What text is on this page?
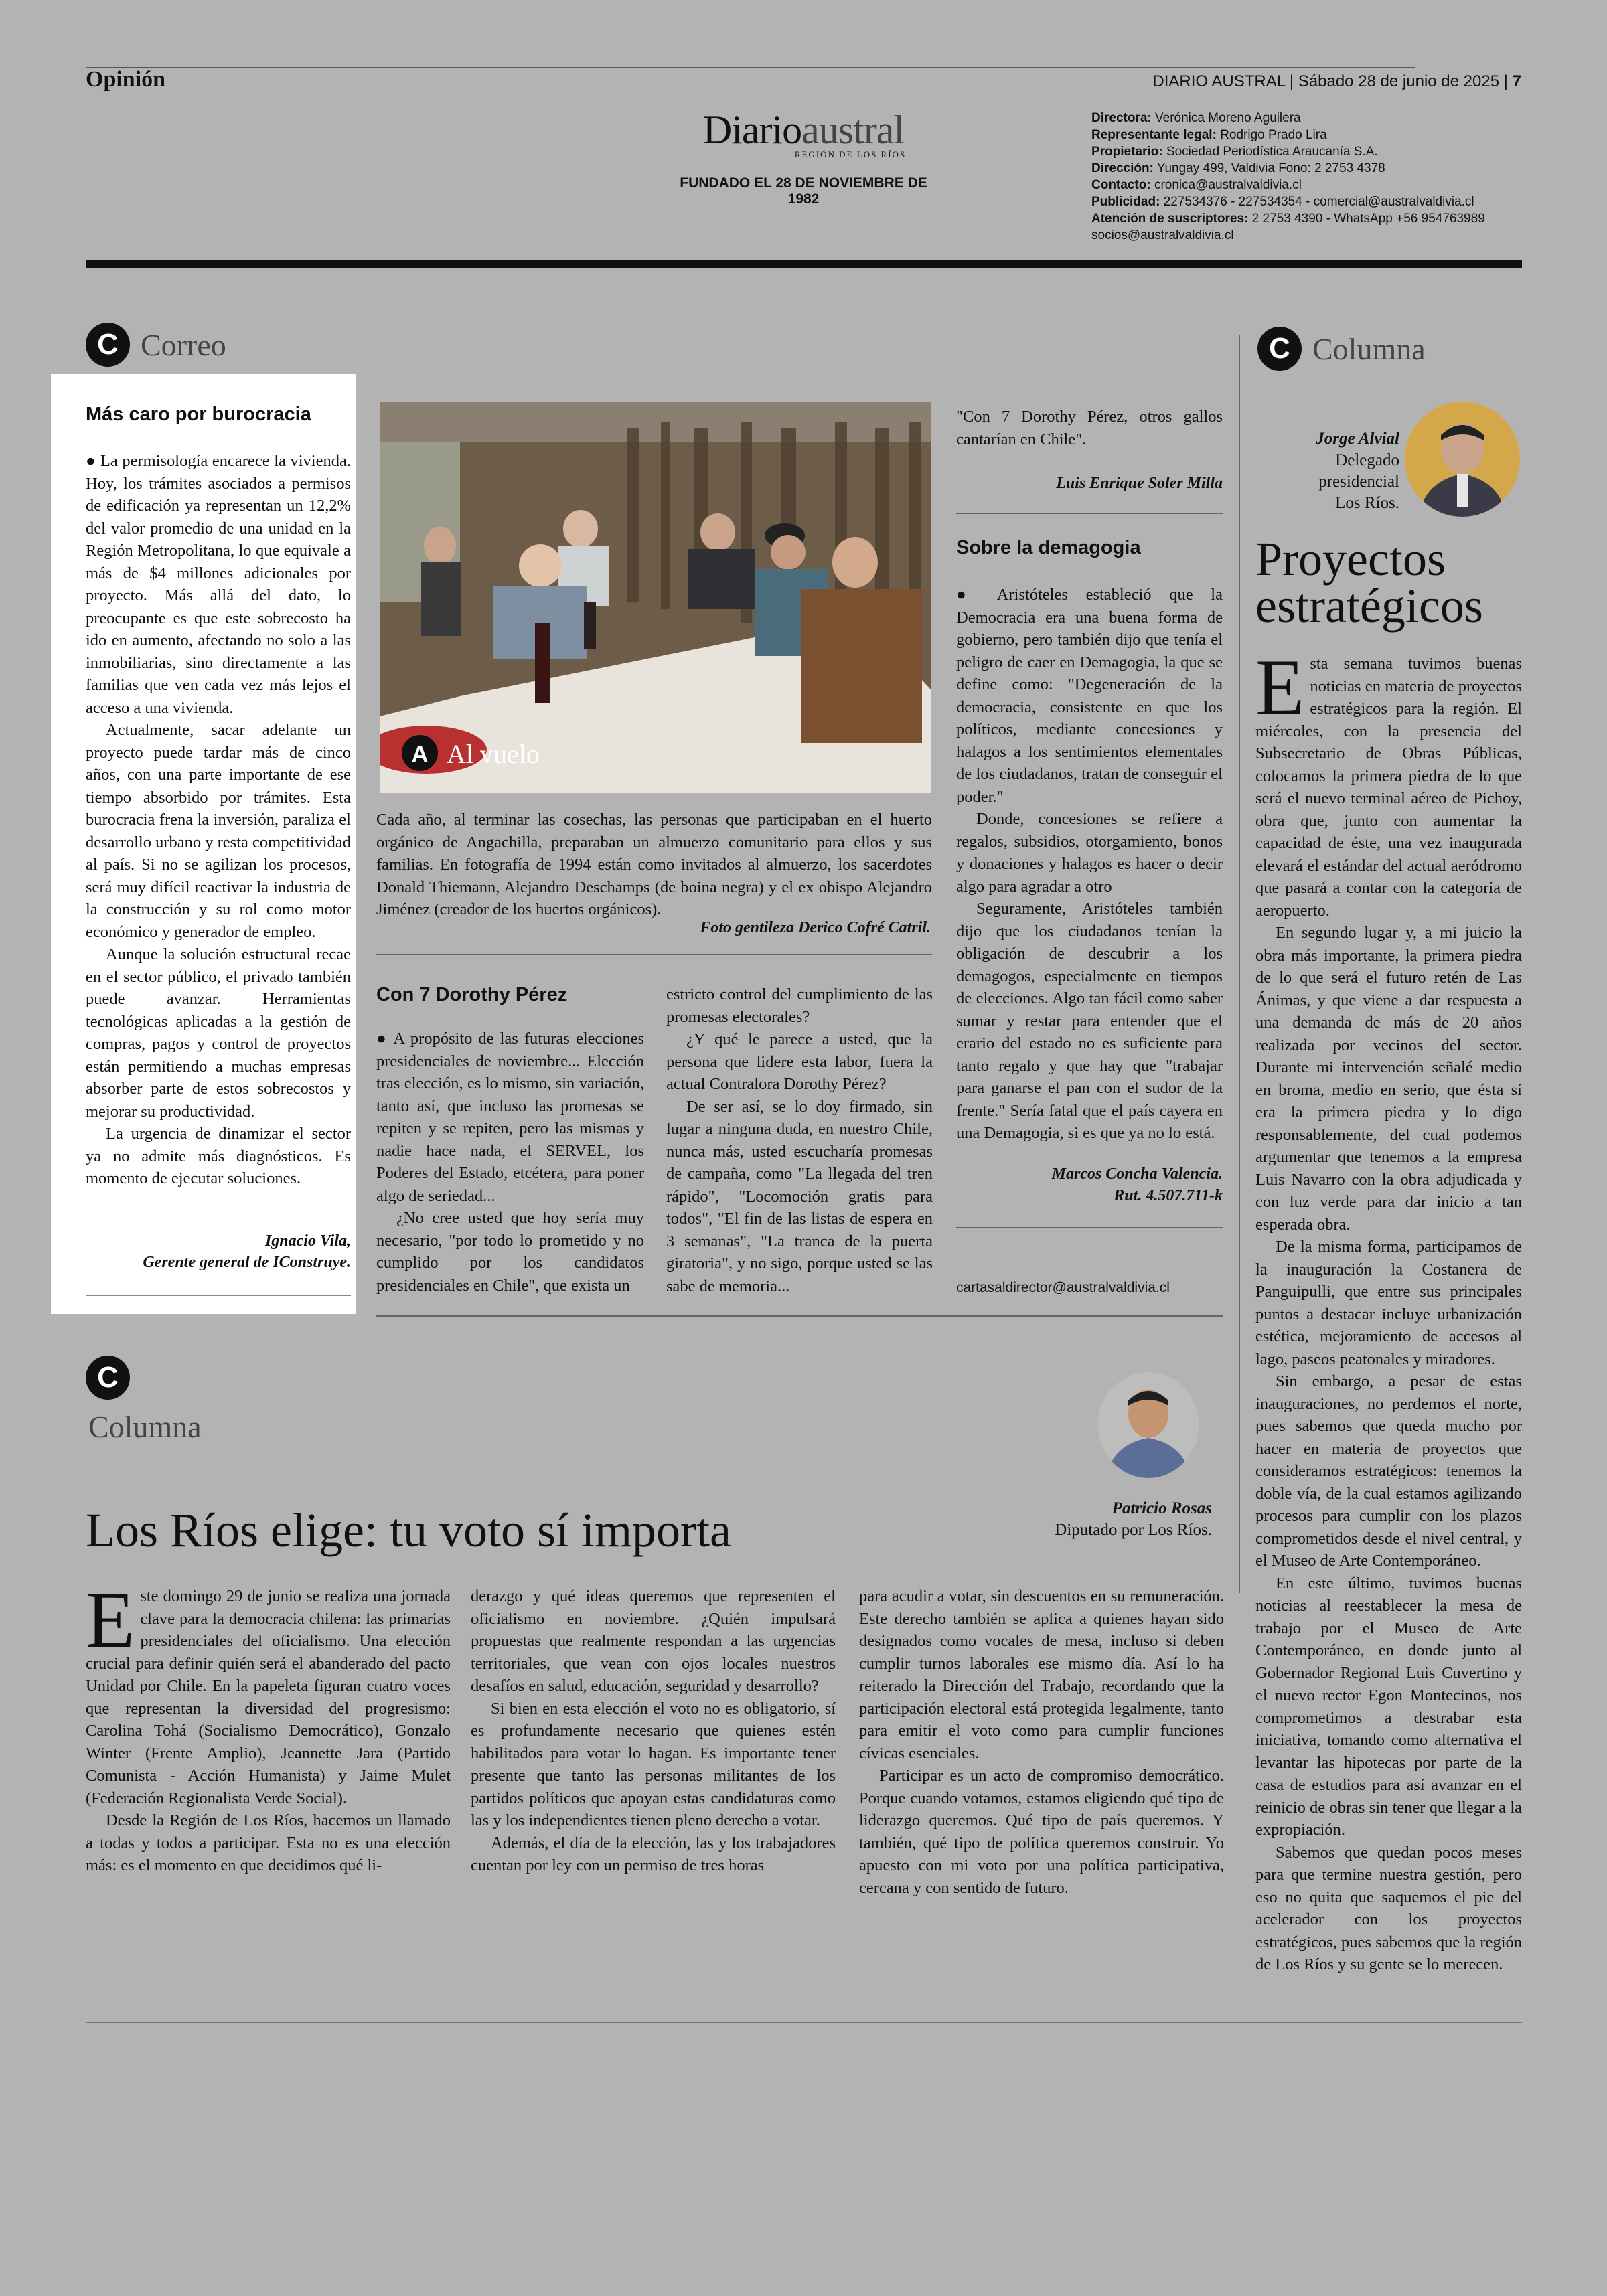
Opinión	DIARIO AUSTRAL | Sábado 28 de junio de 2025 | 7
Diarioaustral
REGIÓN DE LOS RÍOS
FUNDADO EL 28 DE NOVIEMBRE DE 1982
Directora: Verónica Moreno Aguilera
Representante legal: Rodrigo Prado Lira
Propietario: Sociedad Periodística Araucanía S.A.
Dirección: Yungay 499, Valdivia Fono: 2 2753 4378
Contacto: cronica@australvaldivia.cl
Publicidad: 227534376 - 227534354 - comercial@australvaldivia.cl
Atención de suscriptores: 2 2753 4390 - WhatsApp +56 954763989
socios@australvaldivia.cl
C Correo
Más caro por burocracia

● La permisología encarece la vivienda. Hoy, los trámites asociados a permisos de edificación ya representan un 12,2% del valor promedio de una unidad en la Región Metropolitana, lo que equivale a más de $4 millones adicionales por proyecto. Más allá del dato, lo preocupante es que este sobrecosto ha ido en aumento, afectando no solo a las inmobiliarias, sino directamente a las familias que ven cada vez más lejos el acceso a una vivienda.

Actualmente, sacar adelante un proyecto puede tardar más de cinco años, con una parte importante de ese tiempo absorbido por trámites. Esta burocracia frena la inversión, paraliza el desarrollo urbano y resta competitividad al país. Si no se agilizan los procesos, será muy difícil reactivar la industria de la construcción y su rol como motor económico y generador de empleo.

Aunque la solución estructural recae en el sector público, el privado también puede avanzar. Herramientas tecnológicas aplicadas a la gestión de compras, pagos y control de proyectos están permitiendo a muchas empresas absorber parte de estos sobrecostos y mejorar su productividad.

La urgencia de dinamizar el sector ya no admite más diagnósticos. Es momento de ejecutar soluciones.

Ignacio Vila,
Gerente general de IConstruye.
A Al vuelo

Cada año, al terminar las cosechas, las personas que participaban en el huerto orgánico de Angachilla, preparaban un almuerzo comunitario para ellos y sus familias. En fotografía de 1994 están como invitados al almuerzo, los sacerdotes Donald Thiemann, Alejandro Deschamps (de boina negra) y el ex obispo Alejandro Jiménez (creador de los huertos orgánicos).

Foto gentileza Derico Cofré Catril.
Con 7 Dorothy Pérez

● A propósito de las futuras elecciones presidenciales de noviembre... Elección tras elección, es lo mismo, sin variación, tanto así, que incluso las promesas se repiten y se repiten, pero las mismas y nadie hace nada, el SERVEL, los Poderes del Estado, etcétera, para poner algo de seriedad...

¿No cree usted que hoy sería muy necesario, "por todo lo prometido y no cumplido por los candidatos presidenciales en Chile", que exista un

estricto control del cumplimiento de las promesas electorales?

¿Y qué le parece a usted, que la persona que lidere esta labor, fuera la actual Contralora Dorothy Pérez?

De ser así, se lo doy firmado, sin lugar a ninguna duda, en nuestro Chile, nunca más, usted escucharía promesas de campaña, como "La llegada del tren rápido", "Locomoción gratis para todos", "El fin de las listas de espera en 3 semanas", "La tranca de la puerta giratoria", y no sigo, porque usted se las sabe de memoria...

"Con 7 Dorothy Pérez, otros gallos cantarían en Chile".

Luis Enrique Soler Milla
Sobre la demagogia

● Aristóteles estableció que la Democracia era una buena forma de gobierno, pero también dijo que tenía el peligro de caer en Demagogia, la que se define como: "Degeneración de la democracia, consistente en que los políticos, mediante concesiones y halagos a los sentimientos elementales de los ciudadanos, tratan de conseguir el poder."

Donde, concesiones se refiere a regalos, subsidios, otorgamiento, bonos y donaciones y halagos es hacer o decir algo para agradar a otro

Seguramente, Aristóteles también dijo que los ciudadanos tenían la obligación de descubrir a los demagogos, especialmente en tiempos de elecciones. Algo tan fácil como saber sumar y restar para entender que el erario del estado no es suficiente para tanto regalo y que hay que "trabajar para ganarse el pan con el sudor de la frente." Sería fatal que el país cayera en una Demagogia, si es que ya no lo está.

Marcos Concha Valencia.
Rut. 4.507.711-k
cartasaldirector@australvaldivia.cl
C Columna
Jorge Alvial
Delegado
presidencial
Los Ríos.
Proyectos
estratégicos

Esta semana tuvimos buenas noticias en materia de proyectos estratégicos para la región. El miércoles, con la presencia del Subsecretario de Obras Públicas, colocamos la primera piedra de lo que será el nuevo terminal aéreo de Pichoy, obra que, junto con aumentar la capacidad de éste, una vez inaugurada elevará el estándar del actual aeródromo que pasará a contar con la categoría de aeropuerto.

En segundo lugar y, a mi juicio la obra más importante, la primera piedra de lo que será el futuro retén de Las Ánimas, y que viene a dar respuesta a una demanda de más de 20 años realizada por vecinos del sector. Durante mi intervención señalé medio en broma, medio en serio, que ésta sí era la primera piedra y lo digo responsablemente, del cual podemos argumentar que tenemos a la empresa Luis Navarro con la obra adjudicada y con luz verde para dar inicio a tan esperada obra.

De la misma forma, participamos de la inauguración la Costanera de Panguipulli, que entre sus principales puntos a destacar incluye urbanización estética, mejoramiento de accesos al lago, paseos peatonales y miradores.

Sin embargo, a pesar de estas inauguraciones, no perdemos el norte, pues sabemos que queda mucho por hacer en materia de proyectos que consideramos estratégicos: tenemos la doble vía, de la cual estamos agilizando procesos para cumplir con los plazos comprometidos desde el nivel central, y el Museo de Arte Contemporáneo.

En este último, tuvimos buenas noticias al reestablecer la mesa de trabajo por el Museo de Arte Contemporáneo, en donde junto al Gobernador Regional Luis Cuvertino y el nuevo rector Egon Montecinos, nos comprometimos a destrabar esta iniciativa, tomando como alternativa el levantar las hipotecas por parte de la casa de estudios para así avanzar en el reinicio de obras sin tener que llegar a la expropiación.

Sabemos que quedan pocos meses para que termine nuestra gestión, pero eso no quita que saquemos el pie del acelerador con los proyectos estratégicos, pues sabemos que la región de Los Ríos y su gente se lo merecen.

C
Columna
Patricio Rosas
Diputado por Los Ríos.
Los Ríos elige: tu voto sí importa

Este domingo 29 de junio se realiza una jornada clave para la democracia chilena: las primarias presidenciales del oficialismo. Una elección crucial para definir quién será el abanderado del pacto Unidad por Chile. En la papeleta figuran cuatro voces que representan la diversidad del progresismo: Carolina Tohá (Socialismo Democrático), Gonzalo Winter (Frente Amplio), Jeannette Jara (Partido Comunista - Acción Humanista) y Jaime Mulet (Federación Regionalista Verde Social).

Desde la Región de Los Ríos, hacemos un llamado a todas y todos a participar. Esta no es una elección más: es el momento en que decidimos qué li-

derazgo y qué ideas queremos que representen el oficialismo en noviembre. ¿Quién impulsará propuestas que realmente respondan a las urgencias territoriales, que vean con ojos locales nuestros desafíos en salud, educación, seguridad y desarrollo?

Si bien en esta elección el voto no es obligatorio, sí es profundamente necesario que quienes estén habilitados para votar lo hagan. Es importante tener presente que tanto las personas militantes de los partidos políticos que apoyan estas candidaturas como las y los independientes tienen pleno derecho a votar.

Además, el día de la elección, las y los trabajadores cuentan por ley con un permiso de tres horas

para acudir a votar, sin descuentos en su remuneración. Este derecho también se aplica a quienes hayan sido designados como vocales de mesa, incluso si deben cumplir turnos laborales ese mismo día. Así lo ha reiterado la Dirección del Trabajo, recordando que la participación electoral está protegida legalmente, tanto para emitir el voto como para cumplir funciones cívicas esenciales.

Participar es un acto de compromiso democrático. Porque cuando votamos, estamos eligiendo qué tipo de liderazgo queremos. Qué tipo de país queremos. Y también, qué tipo de política queremos construir. Yo apuesto con mi voto por una política participativa, cercana y con sentido de futuro.
